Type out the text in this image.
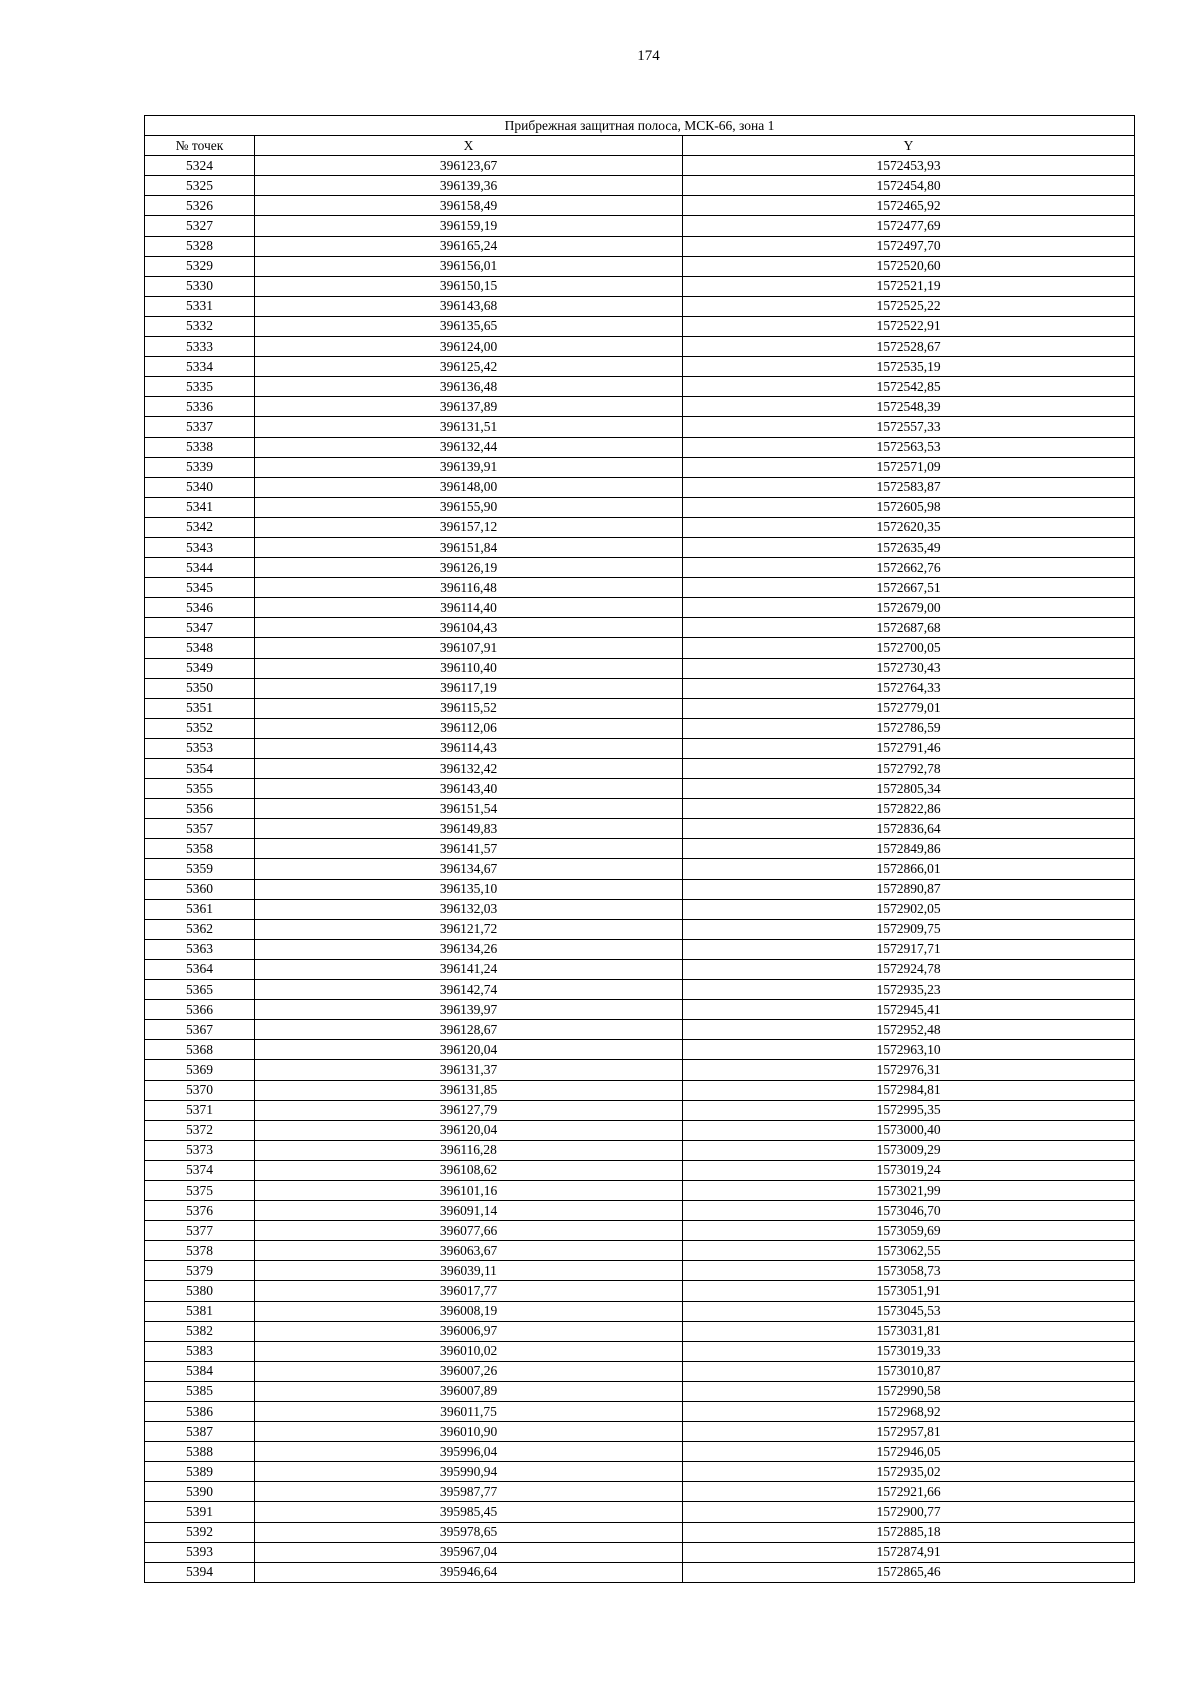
174
Прибрежная защитная полоса, МСК-66, зона 1		
№ точек	X	Y
5324	396123,67	1572453,93
5325	396139,36	1572454,80
5326	396158,49	1572465,92
5327	396159,19	1572477,69
5328	396165,24	1572497,70
5329	396156,01	1572520,60
5330	396150,15	1572521,19
5331	396143,68	1572525,22
5332	396135,65	1572522,91
5333	396124,00	1572528,67
5334	396125,42	1572535,19
5335	396136,48	1572542,85
5336	396137,89	1572548,39
5337	396131,51	1572557,33
5338	396132,44	1572563,53
5339	396139,91	1572571,09
5340	396148,00	1572583,87
5341	396155,90	1572605,98
5342	396157,12	1572620,35
5343	396151,84	1572635,49
5344	396126,19	1572662,76
5345	396116,48	1572667,51
5346	396114,40	1572679,00
5347	396104,43	1572687,68
5348	396107,91	1572700,05
5349	396110,40	1572730,43
5350	396117,19	1572764,33
5351	396115,52	1572779,01
5352	396112,06	1572786,59
5353	396114,43	1572791,46
5354	396132,42	1572792,78
5355	396143,40	1572805,34
5356	396151,54	1572822,86
5357	396149,83	1572836,64
5358	396141,57	1572849,86
5359	396134,67	1572866,01
5360	396135,10	1572890,87
5361	396132,03	1572902,05
5362	396121,72	1572909,75
5363	396134,26	1572917,71
5364	396141,24	1572924,78
5365	396142,74	1572935,23
5366	396139,97	1572945,41
5367	396128,67	1572952,48
5368	396120,04	1572963,10
5369	396131,37	1572976,31
5370	396131,85	1572984,81
5371	396127,79	1572995,35
5372	396120,04	1573000,40
5373	396116,28	1573009,29
5374	396108,62	1573019,24
5375	396101,16	1573021,99
5376	396091,14	1573046,70
5377	396077,66	1573059,69
5378	396063,67	1573062,55
5379	396039,11	1573058,73
5380	396017,77	1573051,91
5381	396008,19	1573045,53
5382	396006,97	1573031,81
5383	396010,02	1573019,33
5384	396007,26	1573010,87
5385	396007,89	1572990,58
5386	396011,75	1572968,92
5387	396010,90	1572957,81
5388	395996,04	1572946,05
5389	395990,94	1572935,02
5390	395987,77	1572921,66
5391	395985,45	1572900,77
5392	395978,65	1572885,18
5393	395967,04	1572874,91
5394	395946,64	1572865,46
